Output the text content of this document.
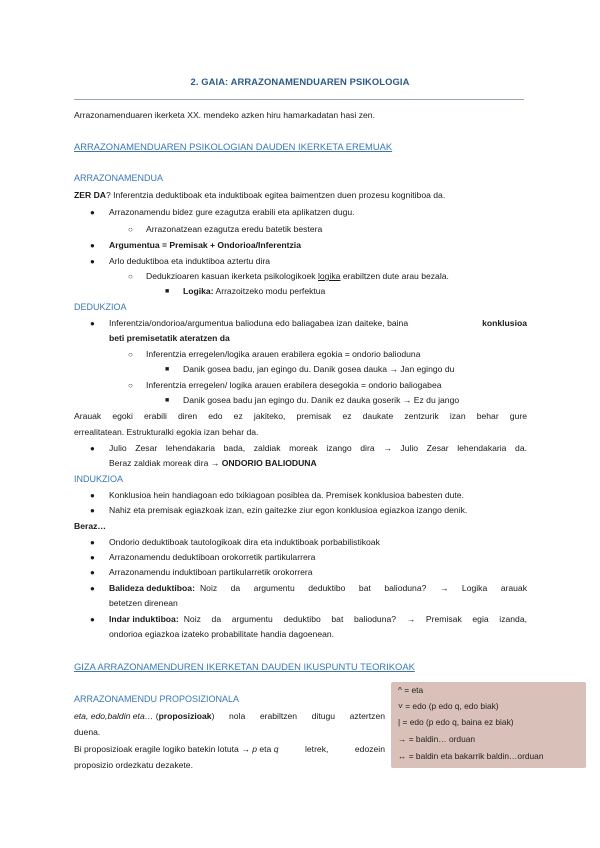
2. GAIA: ARRAZONAMENDUAREN PSIKOLOGIA
Arrazonamenduaren ikerketa XX. mendeko azken hiru hamarkadatan hasi zen.
ARRAZONAMENDUAREN PSIKOLOGIAN DAUDEN IKERKETA EREMUAK
ARRAZONAMENDUA
ZER DA? Inferentzia deduktiboak eta induktiboak egitea baimentzen duen prozesu kognitiboa da.
● Arrazonamendu bidez gure ezagutza erabili eta aplikatzen dugu.
○ Arrazonatzean ezagutza eredu batetik bestera
● Argumentua = Premisak + Ondorioa/Inferentzia
● Arlo deduktiboa eta induktiboa aztertu dira
○ Dedukzioaren kasuan ikerketa psikologikoek logika erabiltzen dute arau bezala.
■ Logika: Arrazoitzeko modu perfektua
DEDUKZIOA
● Inferentzia/ondorioa/argumentua balioduna edo baliagabea izan daiteke, baina	konklusioa
beti premisetatik ateratzen da
○ Inferentzia erregelen/logika arauen erabilera egokia = ondorio balioduna
■ Danik gosea badu, jan egingo du. Danik gosea dauka → Jan egingo du
○ Inferentzia erregelen/ logika arauen erabilera desegokia = ondorio baliogabea
■ Danik gosea badu jan egingo du. Danik ez dauka goserik → Ez du jango
Arauak egoki erabili diren edo ez jakiteko, premisak ez daukate zentzurik izan behar gure
errealitatean. Estrukturalki egokia izan behar da.
● Julio Zesar lehendakaria bada, zaldiak moreak izango dira → Julio Zesar lehendakaria da.
Beraz zaldiak moreak dira → ONDORIO BALIODUNA
INDUKZIOA
● Konklusioa hein handiagoan edo txikiagoan posiblea da. Premisek konklusioa babesten dute.
● Nahiz eta premisak egiazkoak izan, ezin gaitezke ziur egon konklusioa egiazkoa izango denik.
Beraz…
● Ondorio deduktiboak tautologikoak dira eta induktiboak porbabilistikoak
● Arrazonamendu deduktiboan orokorretik partikularrera
● Arrazonamendu induktiboan partikularretik orokorrera
● Balideza deduktiboa: Noiz da argumentu deduktibo bat balioduna? → Logika arauak
betetzen direnean
● Indar induktiboa: Noiz da argumentu deduktibo bat balioduna? → Premisak egia izanda,
ondorioa egiazkoa izateko probabilitate handia dagoenean.
GIZA ARRAZONAMENDUREN IKERKETAN DAUDEN IKUSPUNTU TEORIKOAK
ARRAZONAMENDU PROPOSIZIONALA
eta, edo,baldin eta… ( proposizioak ) nola erabiltzen ditugu aztertzen
duena.
Bi proposizioak eragile logiko batekin lotuta → p eta q letrek, edozein
proposizio ordezkatu dezakete.
^ = eta
˅ = edo (p edo q, edo biak)
| = edo (p edo q, baina ez biak)
→ = baldin… orduan
↔ = baldin eta bakarrik baldin…orduan
